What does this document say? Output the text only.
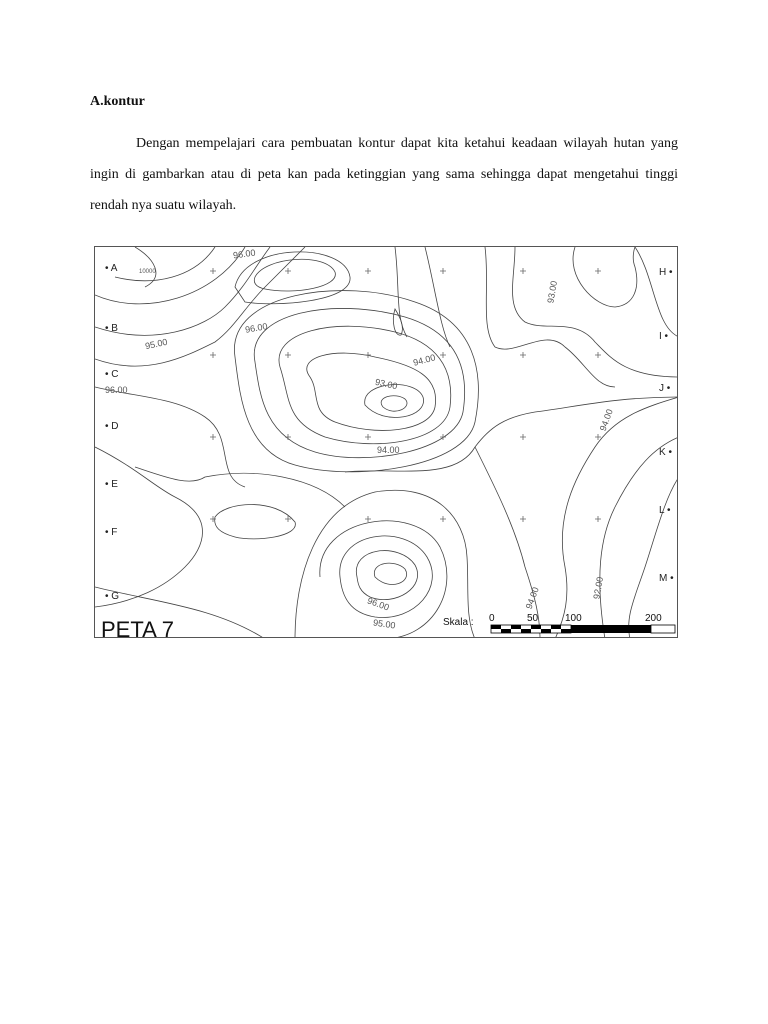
A.kontur

Dengan mempelajari cara pembuatan kontur dapat kita ketahui keadaan wilayah hutan yang ingin di gambarkan atau di peta kan pada ketinggian yang sama sehingga dapat mengetahui tinggi rendah nya suatu wilayah.

• A
• B
• C
• D
• E
• F
• G
H •
I •
J •
K •
L •
M •
10000
96.00
96.00
95.00
96.00
94.00
93.00
94.00
93.00
94.00
96.00
95.00
94.00	92.00
PETA 7	Skala : 0	50	100	200
